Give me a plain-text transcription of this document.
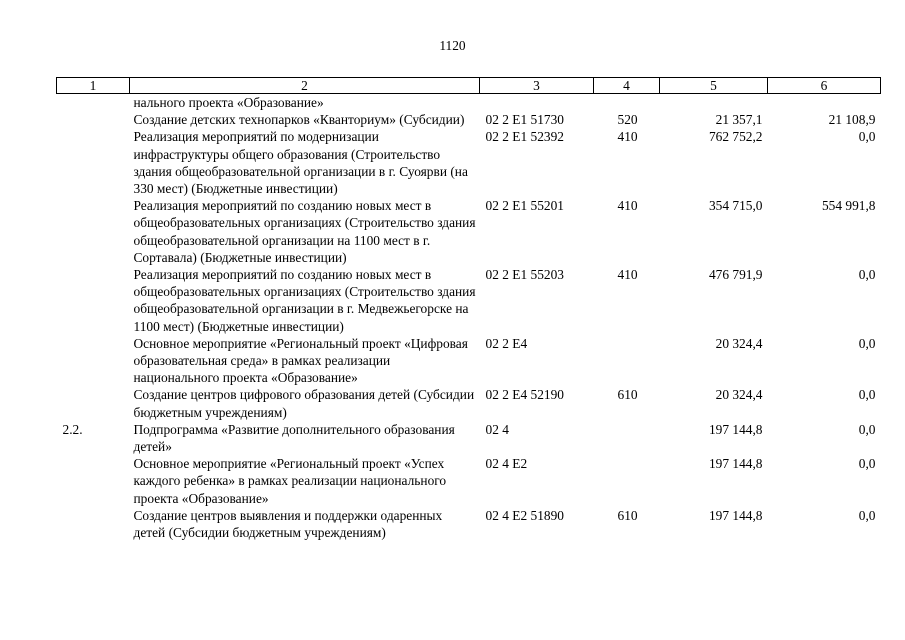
1120
1	2	3	4	5	6
	нального проекта «Образование»				
	Создание детских технопарков «Кванториум» (Субсидии)	02 2 E1 51730	520	21 357,1	21 108,9
	Реализация мероприятий по модернизации инфраструктуры общего образования (Строительство здания общеобразовательной организации в г. Суоярви (на 330 мест) (Бюджетные инвестиции)	02 2 E1 52392	410	762 752,2	0,0
	Реализация мероприятий по созданию новых мест в общеобразовательных организациях (Строительство здания общеобразовательной организации на 1100 мест в г. Сортавала) (Бюджетные инвестиции)	02 2 E1 55201	410	354 715,0	554 991,8
	Реализация мероприятий по созданию новых мест в общеобразовательных организациях (Строительство здания общеобразовательной организации в г. Медвежьегорске на 1100 мест) (Бюджетные инвестиции)	02 2 E1 55203	410	476 791,9	0,0
	Основное мероприятие «Региональный проект «Цифровая образовательная среда» в рамках реализации национального проекта «Образование»	02 2 E4		20 324,4	0,0
	Создание центров цифрового образования детей (Субсидии бюджетным учреждениям)	02 2 E4 52190	610	20 324,4	0,0
2.2.	Подпрограмма «Развитие дополнительного образования детей»	02 4		197 144,8	0,0
	Основное мероприятие «Региональный проект «Успех каждого ребенка» в рамках реализации национального проекта «Образование»	02 4 E2		197 144,8	0,0
	Создание центров выявления и поддержки одаренных детей (Субсидии бюджетным учреждениям)	02 4 E2 51890	610	197 144,8	0,0
